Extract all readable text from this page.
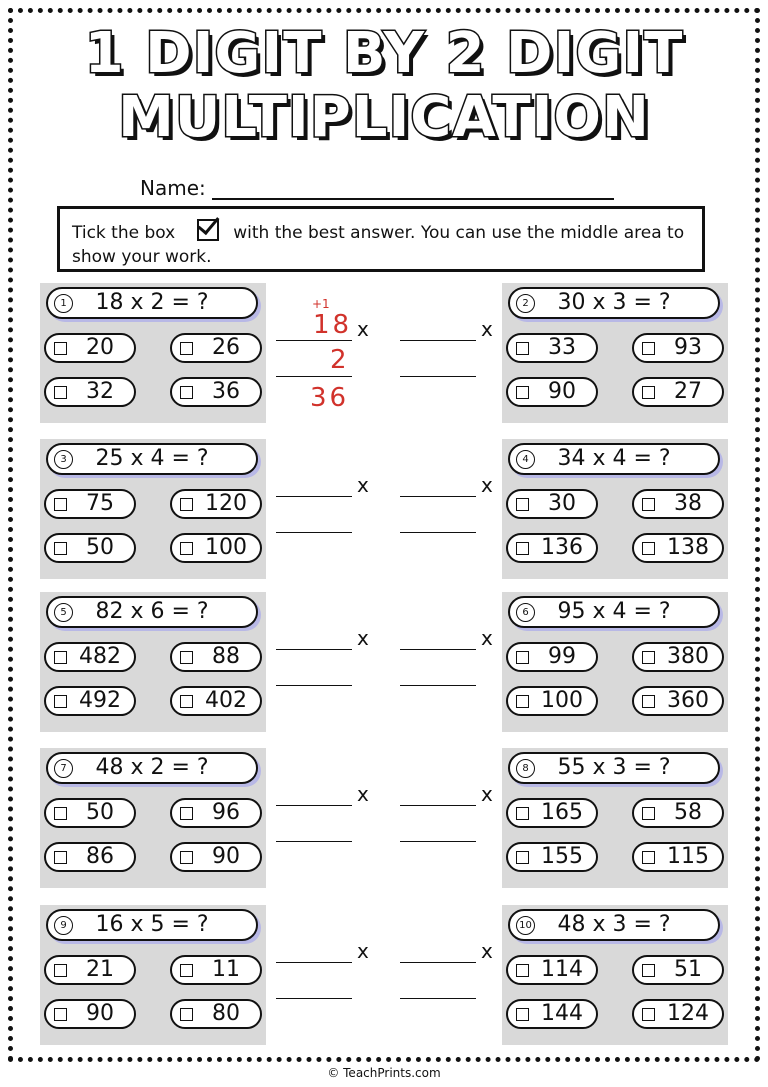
1 DIGIT BY 2 DIGIT
MULTIPLICATION
Name:
Tick the box	with the best answer. You can use the middle area to show your work.
1 18 x 2 = ?
20	26
32	36
2 30 x 3 = ?
33	93
90	27
3 25 x 4 = ?
75	120
50	100
4 34 x 4 = ?
30	38
136	138
5 82 x 6 = ?
482	88
492	402
6 95 x 4 = ?
99	380
100	360
7 48 x 2 = ?
50	96
86	90
8 55 x 3 = ?
165	58
155	115
9 16 x 5 = ?
21	11
90	80
10 48 x 3 = ?
114	51
144	124
x	x
x	x
x	x
x	x
x	x
+1
18
2
36
© TeachPrints.com
